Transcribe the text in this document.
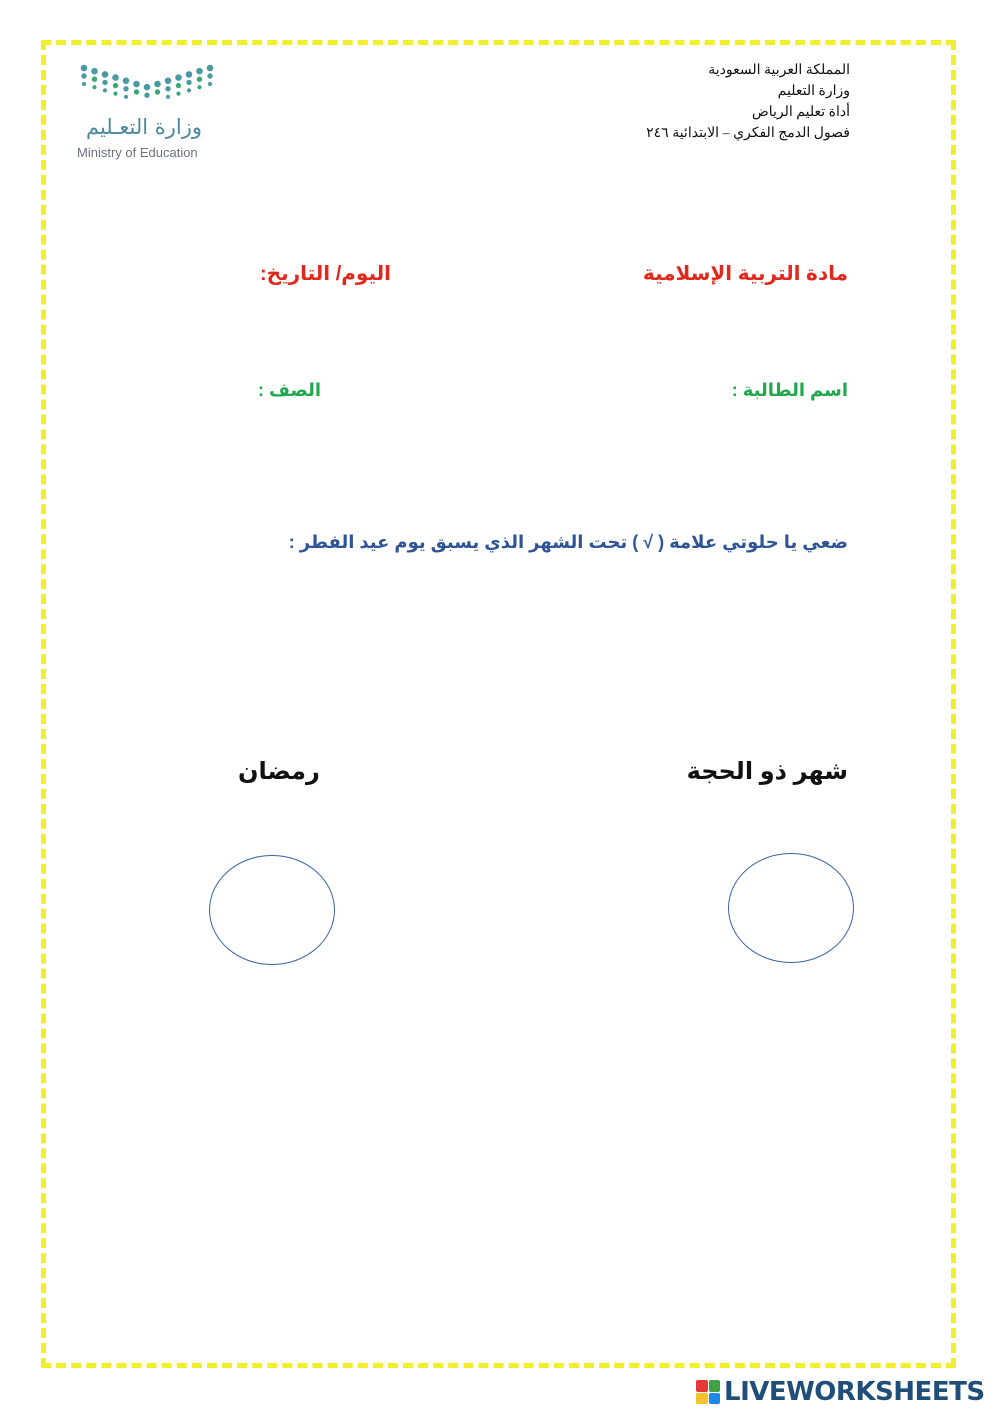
وزارة التعـليم
Ministry of Education
المملكة العربية السعودية
وزارة التعليم
أداة تعليم الرياض
فصول الدمج الفكري – الابتدائية ٢٤٦
مادة التربية الإسلامية
اليوم/ التاريخ:
اسم الطالبة :
الصف :
ضعي يا حلوتي علامة ( √ ) تحت الشهر الذي يسبق يوم عيد الفطر :
شهر ذو الحجة
رمضان
LIVEWORKSHEETS
